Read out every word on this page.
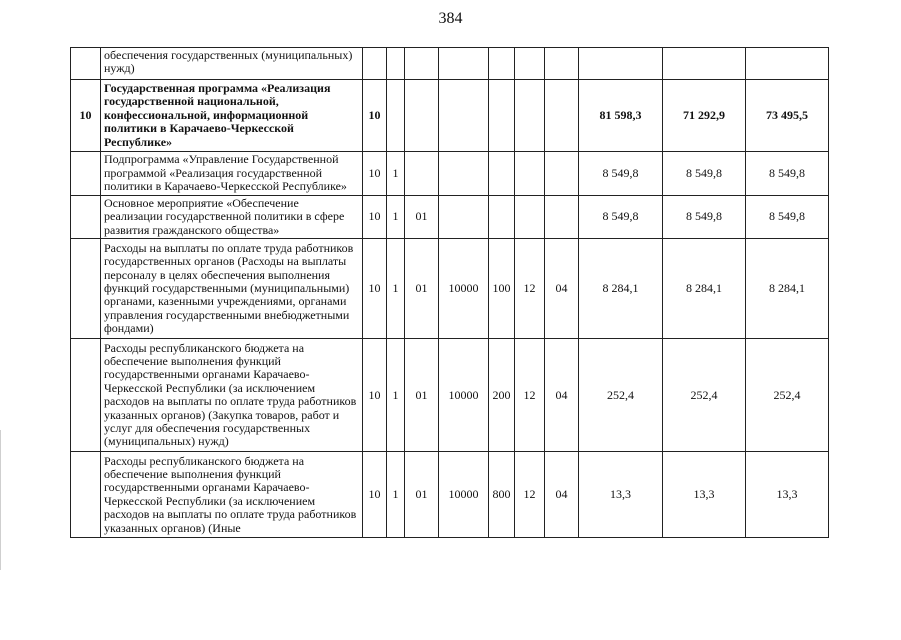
384
	обеспечения государственных (муниципальных) нужд)										
10	Государственная программа «Реализация государственной национальной, конфессиональной, информационной политики в Карачаево-Черкесской Республике»	10							81 598,3	71 292,9	73 495,5
	Подпрограмма «Управление Государственной программой «Реализация государственной политики в Карачаево-Черкесской Республике»	10	1						8 549,8	8 549,8	8 549,8
	Основное мероприятие «Обеспечение реализации государственной политики в сфере развития гражданского общества»	10	1	01					8 549,8	8 549,8	8 549,8
	Расходы на выплаты по оплате труда работников государственных органов (Расходы на выплаты персоналу в целях обеспечения выполнения функций государственными (муниципальными) органами, казенными учреждениями, органами управления государственными внебюджетными фондами)	10	1	01	10000	100	12	04	8 284,1	8 284,1	8 284,1
	Расходы республиканского бюджета на обеспечение выполнения функций государственными органами Карачаево-Черкесской Республики (за исключением расходов на выплаты по оплате труда работников указанных органов) (Закупка товаров, работ и услуг для обеспечения государственных (муниципальных) нужд)	10	1	01	10000	200	12	04	252,4	252,4	252,4
	Расходы республиканского бюджета на обеспечение выполнения функций государственными органами Карачаево-Черкесской Республики (за исключением расходов на выплаты по оплате труда работников указанных органов) (Иные	10	1	01	10000	800	12	04	13,3	13,3	13,3
